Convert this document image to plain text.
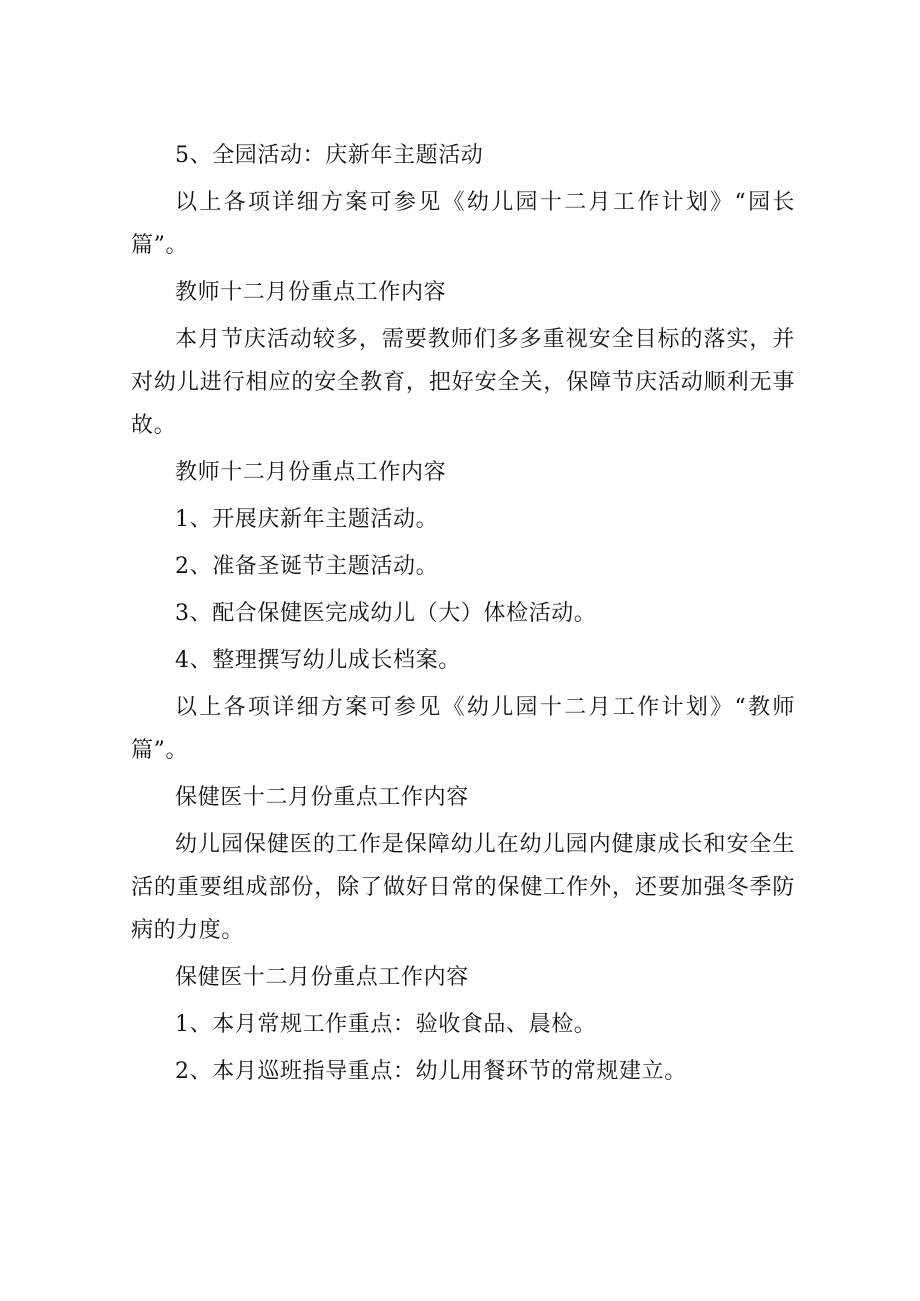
5、全园活动：庆新年主题活动

以上各项详细方案可参见《幼儿园十二月工作计划》“园长篇”。

教师十二月份重点工作内容

本月节庆活动较多，需要教师们多多重视安全目标的落实，并对幼儿进行相应的安全教育，把好安全关，保障节庆活动顺利无事故。

教师十二月份重点工作内容

1、开展庆新年主题活动。

2、准备圣诞节主题活动。

3、配合保健医完成幼儿（大）体检活动。

4、整理撰写幼儿成长档案。

以上各项详细方案可参见《幼儿园十二月工作计划》“教师篇”。

保健医十二月份重点工作内容

幼儿园保健医的工作是保障幼儿在幼儿园内健康成长和安全生活的重要组成部份，除了做好日常的保健工作外，还要加强冬季防病的力度。

保健医十二月份重点工作内容

1、本月常规工作重点：验收食品、晨检。

2、本月巡班指导重点：幼儿用餐环节的常规建立。
